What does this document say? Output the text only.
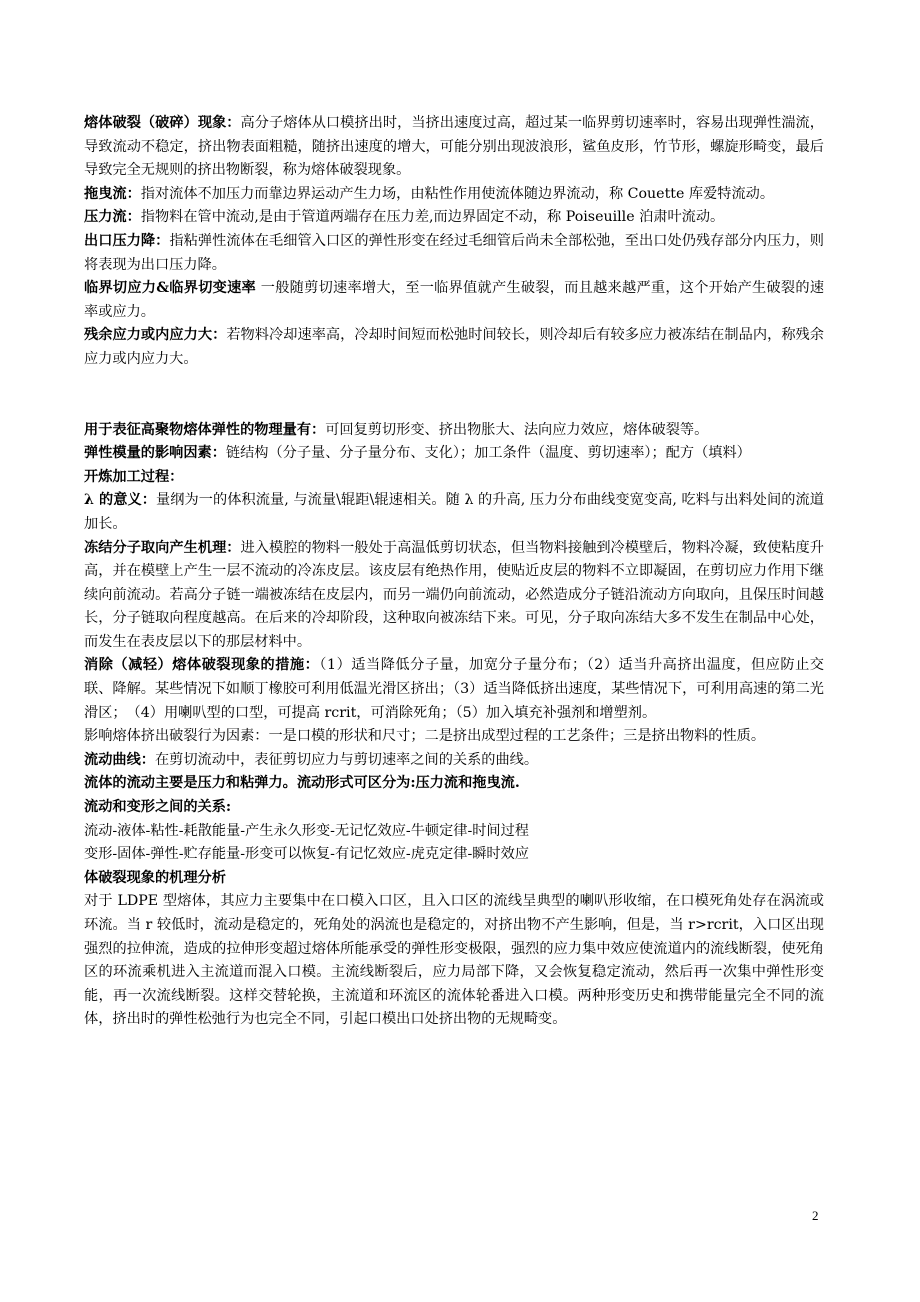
熔体破裂（破碎）现象：高分子熔体从口模挤出时，当挤出速度过高，超过某一临界剪切速率时，容易出现弹性湍流，导致流动不稳定，挤出物表面粗糙，随挤出速度的增大，可能分别出现波浪形，鲨鱼皮形，竹节形，螺旋形畸变，最后导致完全无规则的挤出物断裂，称为熔体破裂现象。

拖曳流：指对流体不加压力而靠边界运动产生力场，由粘性作用使流体随边界流动，称 Couette 库爱特流动。

压力流：指物料在管中流动,是由于管道两端存在压力差,而边界固定不动，称 Poiseuille 泊肃叶流动。

出口压力降：指粘弹性流体在毛细管入口区的弹性形变在经过毛细管后尚未全部松弛，至出口处仍残存部分内压力，则将表现为出口压力降。

临界切应力&临界切变速率 一般随剪切速率增大，至一临界值就产生破裂，而且越来越严重，这个开始产生破裂的速率或应力。

残余应力或内应力大：若物料冷却速率高，冷却时间短而松弛时间较长，则冷却后有较多应力被冻结在制品内，称残余应力或内应力大。

用于表征高聚物熔体弹性的物理量有：可回复剪切形变、挤出物胀大、法向应力效应，熔体破裂等。

弹性模量的影响因素：链结构（分子量、分子量分布、支化）；加工条件（温度、剪切速率）；配方（填料）

开炼加工过程：

λ 的意义：量纲为一的体积流量, 与流量\辊距\辊速相关。随 λ 的升高, 压力分布曲线变宽变高, 吃料与出料处间的流道加长。

冻结分子取向产生机理：进入模腔的物料一般处于高温低剪切状态，但当物料接触到冷模壁后，物料冷凝，致使粘度升高，并在模壁上产生一层不流动的冷冻皮层。该皮层有绝热作用，使贴近皮层的物料不立即凝固，在剪切应力作用下继续向前流动。若高分子链一端被冻结在皮层内，而另一端仍向前流动，必然造成分子链沿流动方向取向，且保压时间越长，分子链取向程度越高。在后来的冷却阶段，这种取向被冻结下来。可见，分子取向冻结大多不发生在制品中心处，而发生在表皮层以下的那层材料中。

消除（减轻）熔体破裂现象的措施：（1）适当降低分子量，加宽分子量分布；（2）适当升高挤出温度，但应防止交联、降解。某些情况下如顺丁橡胶可利用低温光滑区挤出；（3）适当降低挤出速度，某些情况下，可利用高速的第二光滑区；　（4）用喇叭型的口型，可提高 rcrit，可消除死角；（5）加入填充补强剂和增塑剂。

影响熔体挤出破裂行为因素：一是口模的形状和尺寸；二是挤出成型过程的工艺条件；三是挤出物料的性质。

流动曲线：在剪切流动中，表征剪切应力与剪切速率之间的关系的曲线。

流体的流动主要是压力和粘弹力。流动形式可区分为:压力流和拖曳流.

流动和变形之间的关系:

流动-液体-粘性-耗散能量-产生永久形变-无记忆效应-牛顿定律-时间过程

变形-固体-弹性-贮存能量-形变可以恢复-有记忆效应-虎克定律-瞬时效应

体破裂现象的机理分析

对于 LDPE 型熔体，其应力主要集中在口模入口区，且入口区的流线呈典型的喇叭形收缩，在口模死角处存在涡流或环流。当 r 较低时，流动是稳定的，死角处的涡流也是稳定的，对挤出物不产生影响，但是，当 r>rcrit，入口区出现强烈的拉伸流，造成的拉伸形变超过熔体所能承受的弹性形变极限，强烈的应力集中效应使流道内的流线断裂，使死角区的环流乘机进入主流道而混入口模。主流线断裂后，应力局部下降，又会恢复稳定流动，然后再一次集中弹性形变能，再一次流线断裂。这样交替轮换，主流道和环流区的流体轮番进入口模。两种形变历史和携带能量完全不同的流体，挤出时的弹性松弛行为也完全不同，引起口模出口处挤出物的无规畸变。

2
